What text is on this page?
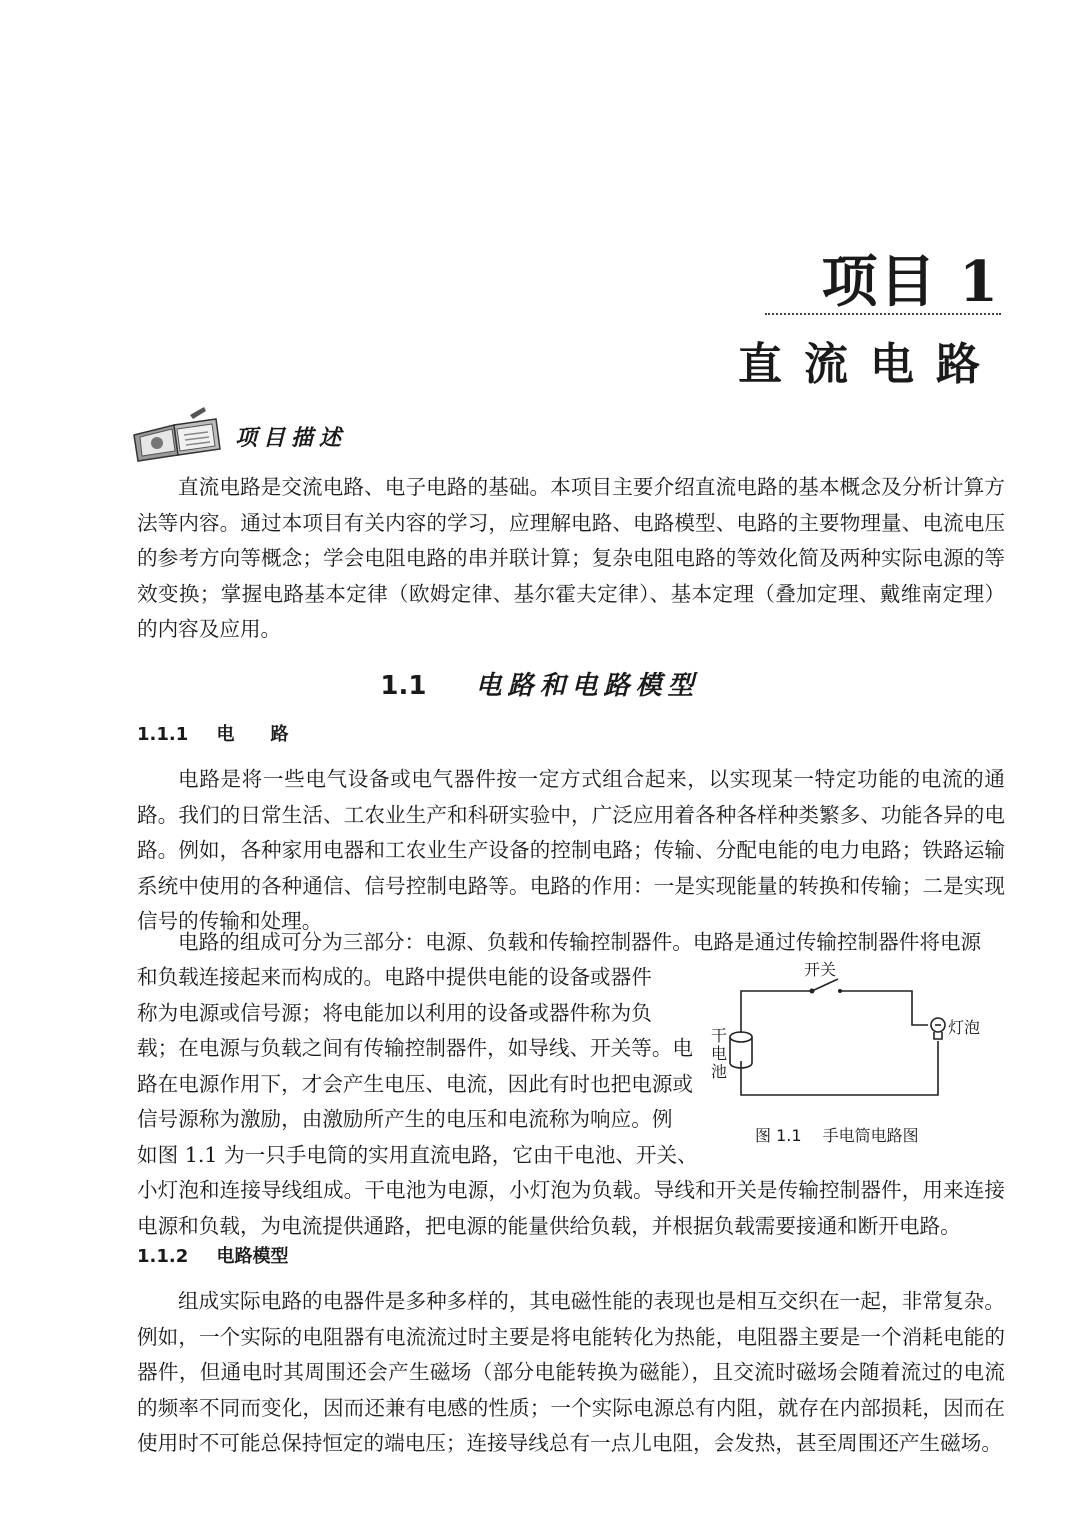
项目 1
直流电路
项目描述

直流电路是交流电路、电子电路的基础。本项目主要介绍直流电路的基本概念及分析计算方法等内容。通过本项目有关内容的学习，应理解电路、电路模型、电路的主要物理量、电流电压的参考方向等概念；学会电阻电路的串并联计算；复杂电阻电路的等效化简及两种实际电源的等效变换；掌握电路基本定律（欧姆定律、基尔霍夫定律）、基本定理（叠加定理、戴维南定理）的内容及应用。

1.1 电路和电路模型
1.1.1 电　　路

电路是将一些电气设备或电气器件按一定方式组合起来，以实现某一特定功能的电流的通路。我们的日常生活、工农业生产和科研实验中，广泛应用着各种各样种类繁多、功能各异的电路。例如，各种家用电器和工农业生产设备的控制电路；传输、分配电能的电力电路；铁路运输系统中使用的各种通信、信号控制电路等。电路的作用：一是实现能量的转换和传输；二是实现信号的传输和处理。

电路的组成可分为三部分：电源、负载和传输控制器件。电路是通过传输控制器件将电源

和负载连接起来而构成的。电路中提供电能的设备或器件
称为电源或信号源；将电能加以利用的设备或器件称为负
载；在电源与负载之间有传输控制器件，如导线、开关等。电
路在电源作用下，才会产生电压、电流，因此有时也把电源或
信号源称为激励，由激励所产生的电压和电流称为响应。例
如图 1.1 为一只手电筒的实用直流电路，它由干电池、开关、

小灯泡和连接导线组成。干电池为电源，小灯泡为负载。导线和开关是传输控制器件，用来连接电源和负载，为电流提供通路，把电源的能量供给负载，并根据负载需要接通和断开电路。

开关
灯泡
干
电
池
图 1.1 手电筒电路图
1.1.2 电路模型

组成实际电路的电器件是多种多样的，其电磁性能的表现也是相互交织在一起，非常复杂。例如，一个实际的电阻器有电流流过时主要是将电能转化为热能，电阻器主要是一个消耗电能的器件，但通电时其周围还会产生磁场（部分电能转换为磁能），且交流时磁场会随着流过的电流的频率不同而变化，因而还兼有电感的性质；一个实际电源总有内阻，就存在内部损耗，因而在使用时不可能总保持恒定的端电压；连接导线总有一点儿电阻，会发热，甚至周围还产生磁场。
